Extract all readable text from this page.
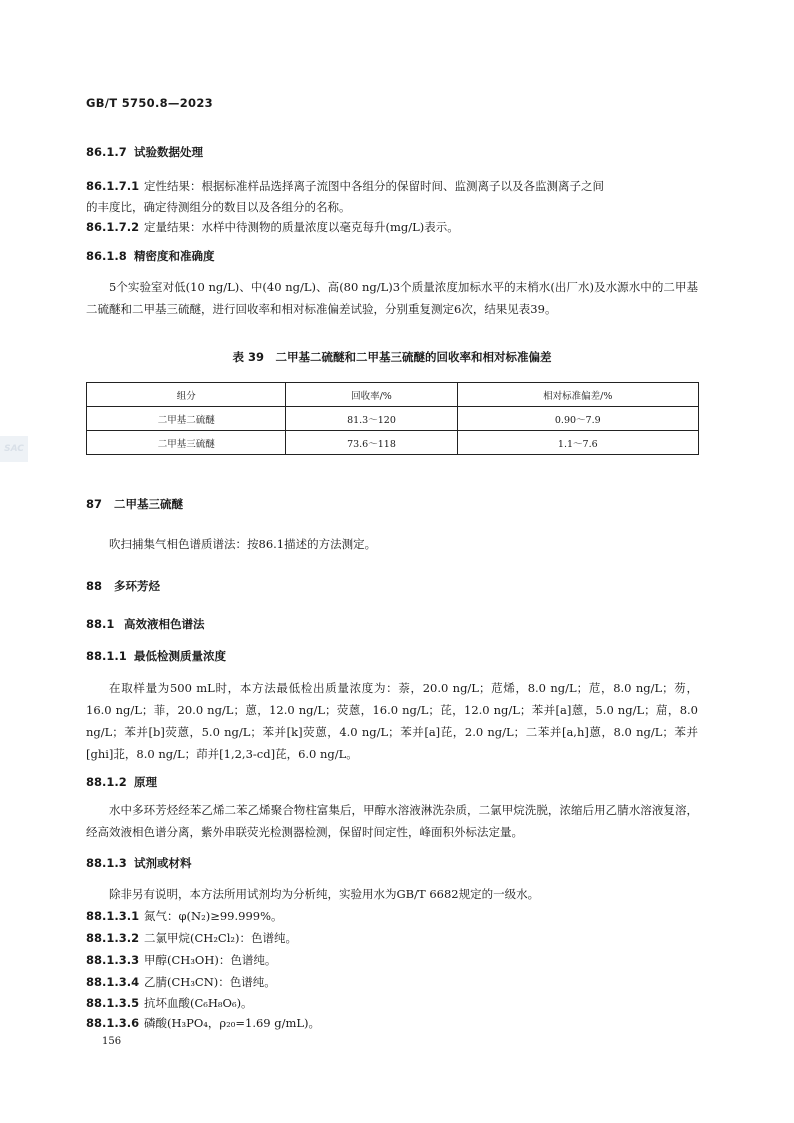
GB/T 5750.8—2023
86.1.7 试验数据处理
86.1.7.1 定性结果：根据标准样品选择离子流图中各组分的保留时间、监测离子以及各监测离子之间
的丰度比，确定待测组分的数目以及各组分的名称。
86.1.7.2 定量结果：水样中待测物的质量浓度以毫克每升(mg/L)表示。
86.1.8 精密度和准确度
5个实验室对低(10 ng/L)、中(40 ng/L)、高(80 ng/L)3个质量浓度加标水平的末梢水(出厂水)及水源水中的二甲基二硫醚和二甲基三硫醚，进行回收率和相对标准偏差试验，分别重复测定6次，结果见表39。
表 39　二甲基二硫醚和二甲基三硫醚的回收率和相对标准偏差
组分	回收率/%	相对标准偏差/%
二甲基二硫醚	81.3～120	0.90～7.9
二甲基三硫醚	73.6～118	1.1～7.6
SAC
87 二甲基三硫醚
吹扫捕集气相色谱质谱法：按86.1描述的方法测定。
88 多环芳烃
88.1 高效液相色谱法
88.1.1 最低检测质量浓度
在取样量为500 mL时，本方法最低检出质量浓度为：萘，20.0 ng/L；苊烯，8.0 ng/L；苊，8.0 ng/L；芴，16.0 ng/L；菲，20.0 ng/L；蒽，12.0 ng/L；荧蒽，16.0 ng/L；芘，12.0 ng/L；苯并[a]蒽，5.0 ng/L；䓛，8.0 ng/L；苯并[b]荧蒽，5.0 ng/L；苯并[k]荧蒽，4.0 ng/L；苯并[a]芘，2.0 ng/L；二苯并[a,h]蒽，8.0 ng/L；苯并[ghi]苝，8.0 ng/L；茚并[1,2,3-cd]芘，6.0 ng/L。
88.1.2 原理
水中多环芳烃经苯乙烯二苯乙烯聚合物柱富集后，甲醇水溶液淋洗杂质，二氯甲烷洗脱，浓缩后用乙腈水溶液复溶，经高效液相色谱分离，紫外串联荧光检测器检测，保留时间定性，峰面积外标法定量。
88.1.3 试剂或材料
除非另有说明，本方法所用试剂均为分析纯，实验用水为GB/T 6682规定的一级水。
88.1.3.1 氮气：φ(N₂)≥99.999%。
88.1.3.2 二氯甲烷(CH₂Cl₂)：色谱纯。
88.1.3.3 甲醇(CH₃OH)：色谱纯。
88.1.3.4 乙腈(CH₃CN)：色谱纯。
88.1.3.5 抗坏血酸(C₆H₈O₆)。
88.1.3.6 磷酸(H₃PO₄，ρ₂₀=1.69 g/mL)。
156
